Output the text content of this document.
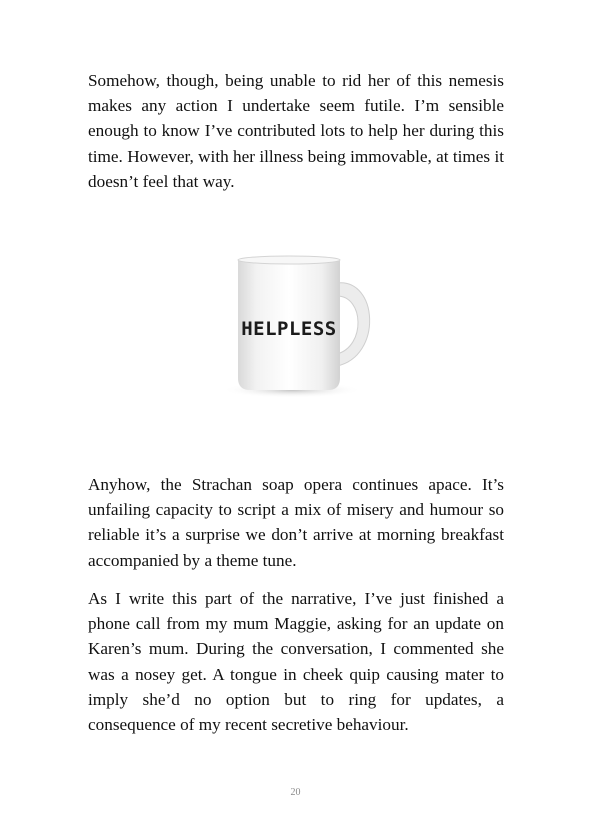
Somehow, though, being unable to rid her of this nemesis makes any action I undertake seem futile. I’m sensible enough to know I’ve contributed lots to help her during this time. However, with her illness being immovable, at times it doesn’t feel that way.

HELPLESS

Anyhow, the Strachan soap opera continues apace. It’s unfailing capacity to script a mix of misery and humour so reliable it’s a surprise we don’t arrive at morning breakfast accompanied by a theme tune.

As I write this part of the narrative, I’ve just finished a phone call from my mum Maggie, asking for an update on Karen’s mum. During the conversation, I commented she was a nosey get. A tongue in cheek quip causing mater to imply she’d no option but to ring for updates, a consequence of my recent secretive behaviour.

20
